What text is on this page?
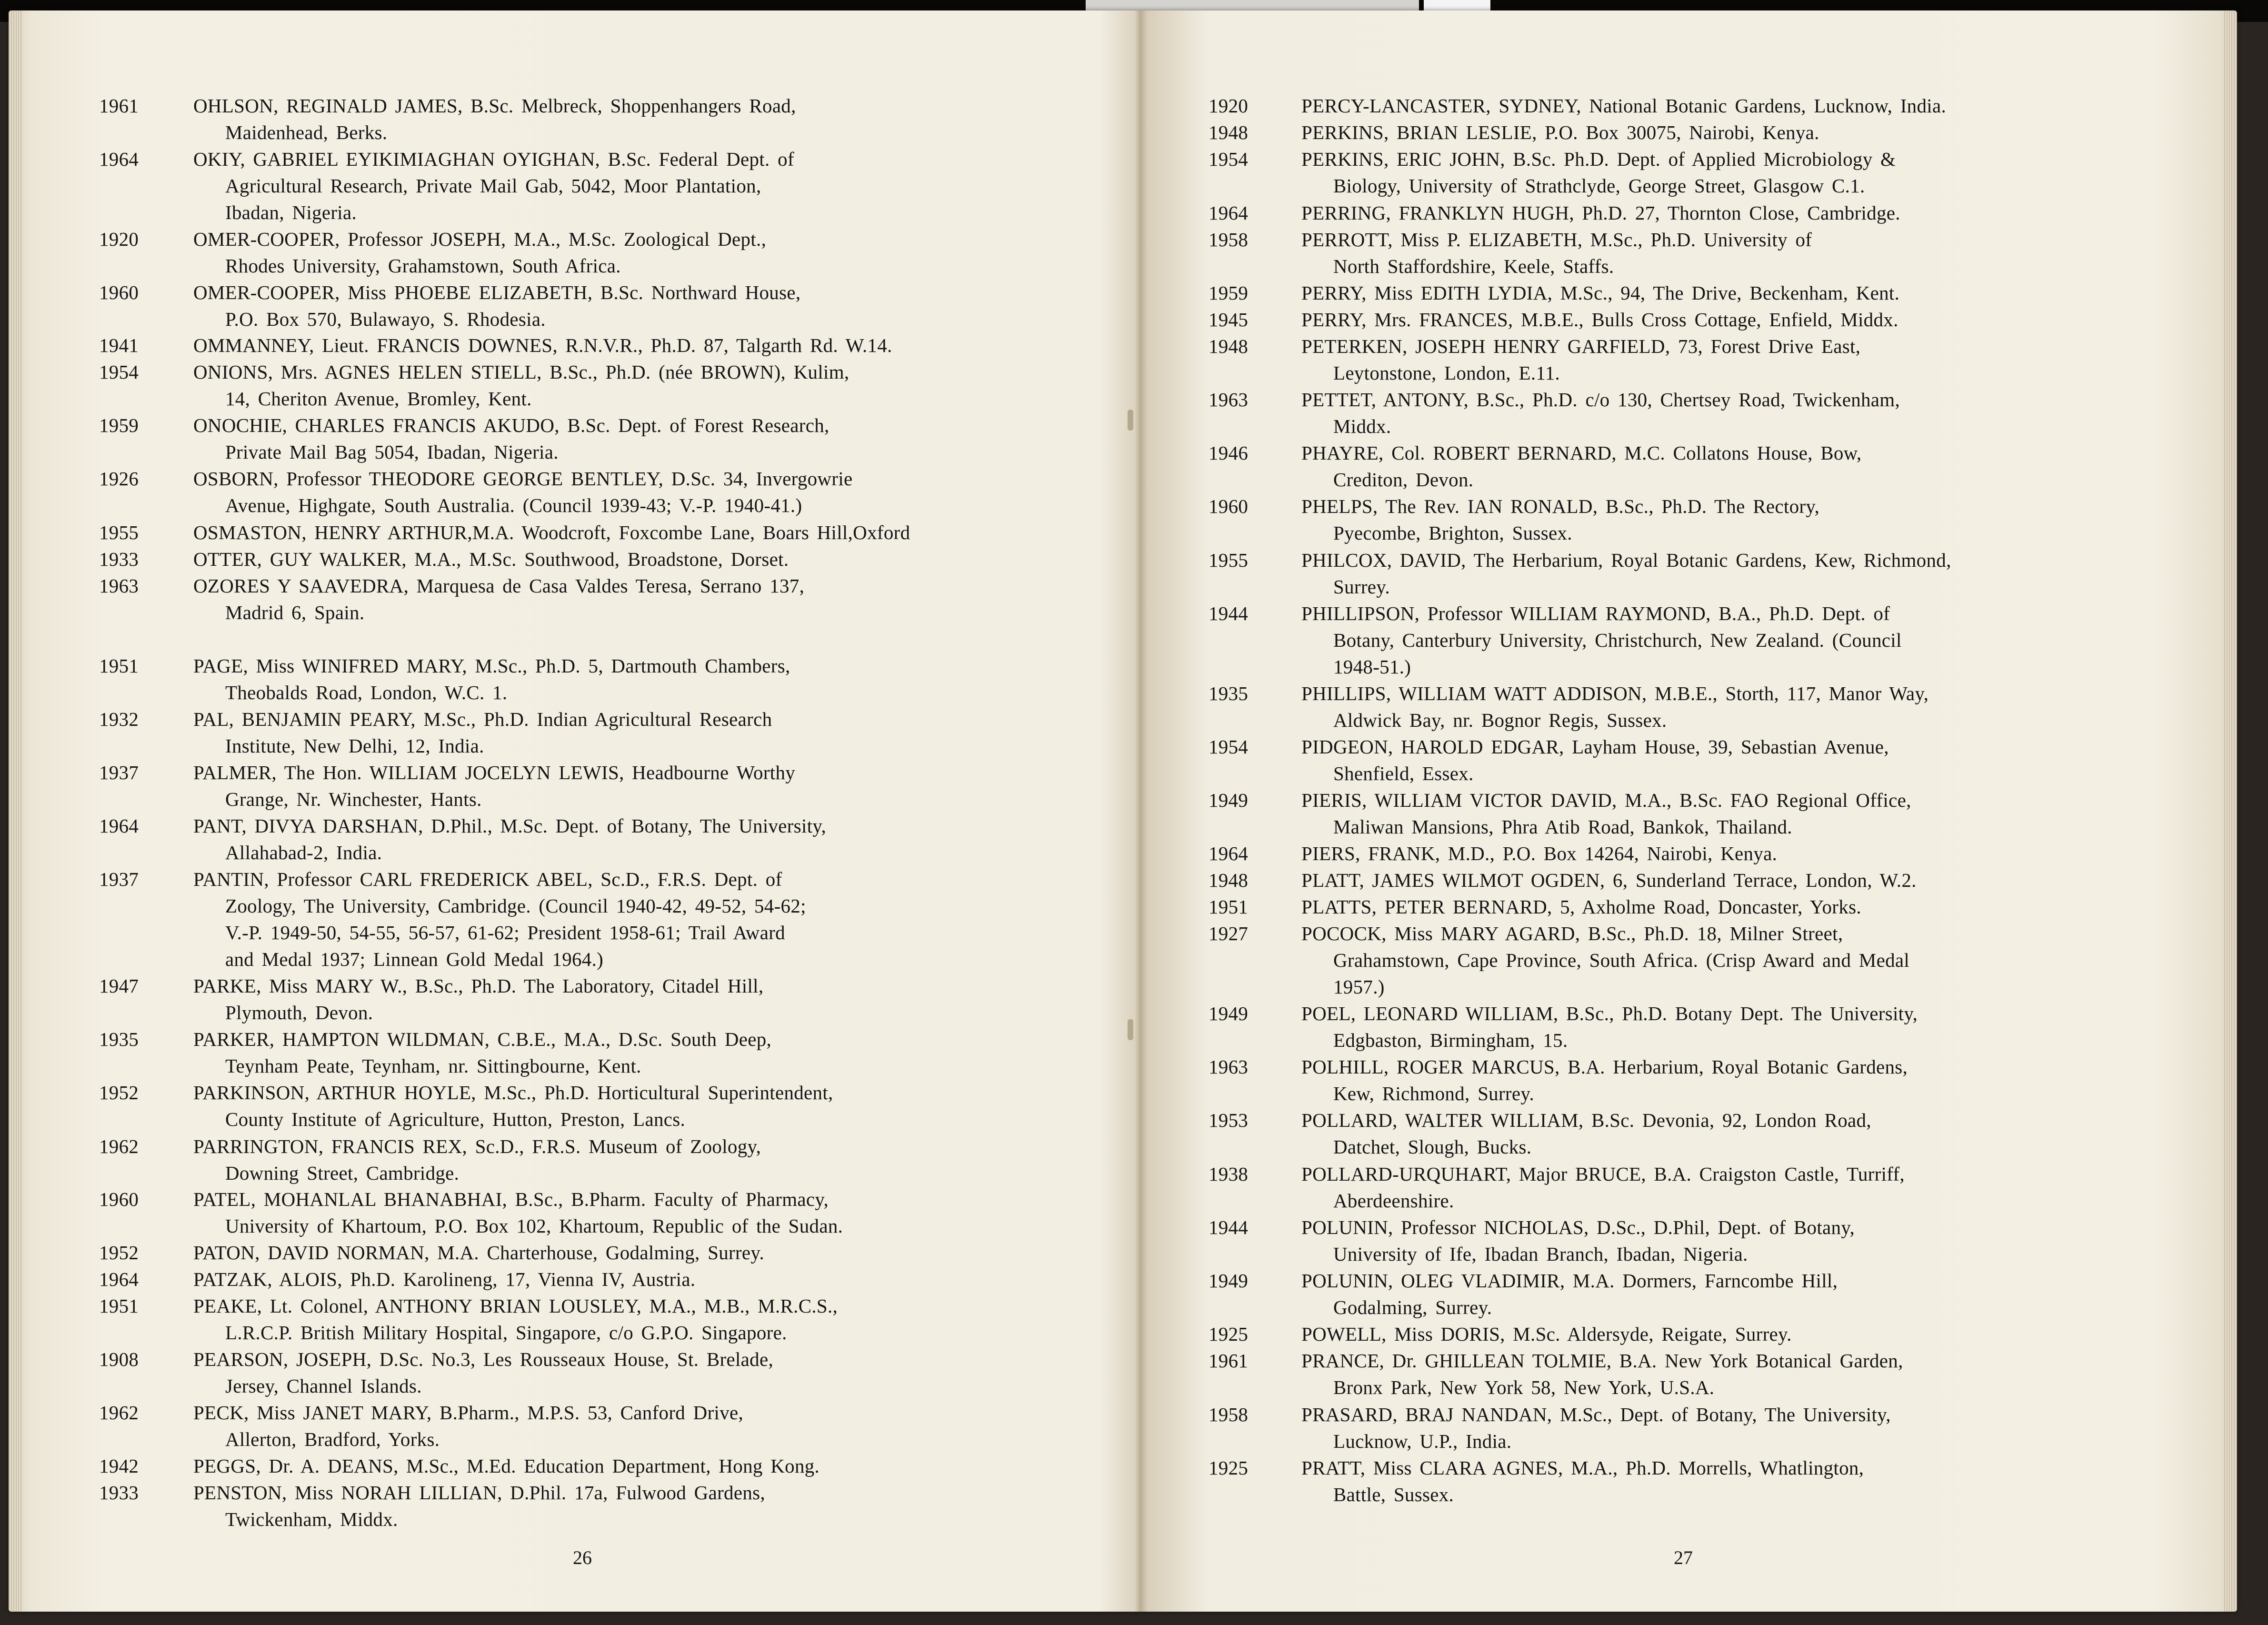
26
1961	OHLSON, REGINALD JAMES, B.Sc. Melbreck, Shoppenhangers Road,
Maidenhead, Berks.
1964	OKIY, GABRIEL EYIKIMIAGHAN OYIGHAN, B.Sc. Federal Dept. of
Agricultural Research, Private Mail Gab, 5042, Moor Plantation,
Ibadan, Nigeria.
1920	OMER-COOPER, Professor JOSEPH, M.A., M.Sc. Zoological Dept.,
Rhodes University, Grahamstown, South Africa.
1960	OMER-COOPER, Miss PHOEBE ELIZABETH, B.Sc. Northward House,
P.O. Box 570, Bulawayo, S. Rhodesia.
1941	OMMANNEY, Lieut. FRANCIS DOWNES, R.N.V.R., Ph.D. 87, Talgarth Rd. W.14.
1954	ONIONS, Mrs. AGNES HELEN STIELL, B.Sc., Ph.D. (née BROWN), Kulim,
14, Cheriton Avenue, Bromley, Kent.
1959	ONOCHIE, CHARLES FRANCIS AKUDO, B.Sc. Dept. of Forest Research,
Private Mail Bag 5054, Ibadan, Nigeria.
1926	OSBORN, Professor THEODORE GEORGE BENTLEY, D.Sc. 34, Invergowrie
Avenue, Highgate, South Australia. (Council 1939-43; V.-P. 1940-41.)
1955	OSMASTON, HENRY ARTHUR,M.A. Woodcroft, Foxcombe Lane, Boars Hill,Oxford
1933	OTTER, GUY WALKER, M.A., M.Sc. Southwood, Broadstone, Dorset.
1963	OZORES Y SAAVEDRA, Marquesa de Casa Valdes Teresa, Serrano 137,
Madrid 6, Spain.
1951	PAGE, Miss WINIFRED MARY, M.Sc., Ph.D. 5, Dartmouth Chambers,
Theobalds Road, London, W.C. 1.
1932	PAL, BENJAMIN PEARY, M.Sc., Ph.D. Indian Agricultural Research
Institute, New Delhi, 12, India.
1937	PALMER, The Hon. WILLIAM JOCELYN LEWIS, Headbourne Worthy
Grange, Nr. Winchester, Hants.
1964	PANT, DIVYA DARSHAN, D.Phil., M.Sc. Dept. of Botany, The University,
Allahabad-2, India.
1937	PANTIN, Professor CARL FREDERICK ABEL, Sc.D., F.R.S. Dept. of
Zoology, The University, Cambridge. (Council 1940-42, 49-52, 54-62;
V.-P. 1949-50, 54-55, 56-57, 61-62; President 1958-61; Trail Award
and Medal 1937; Linnean Gold Medal 1964.)
1947	PARKE, Miss MARY W., B.Sc., Ph.D. The Laboratory, Citadel Hill,
Plymouth, Devon.
1935	PARKER, HAMPTON WILDMAN, C.B.E., M.A., D.Sc. South Deep,
Teynham Peate, Teynham, nr. Sittingbourne, Kent.
1952	PARKINSON, ARTHUR HOYLE, M.Sc., Ph.D. Horticultural Superintendent,
County Institute of Agriculture, Hutton, Preston, Lancs.
1962	PARRINGTON, FRANCIS REX, Sc.D., F.R.S. Museum of Zoology,
Downing Street, Cambridge.
1960	PATEL, MOHANLAL BHANABHAI, B.Sc., B.Pharm. Faculty of Pharmacy,
University of Khartoum, P.O. Box 102, Khartoum, Republic of the Sudan.
1952	PATON, DAVID NORMAN, M.A. Charterhouse, Godalming, Surrey.
1964	PATZAK, ALOIS, Ph.D. Karolineng, 17, Vienna IV, Austria.
1951	PEAKE, Lt. Colonel, ANTHONY BRIAN LOUSLEY, M.A., M.B., M.R.C.S.,
L.R.C.P. British Military Hospital, Singapore, c/o G.P.O. Singapore.
1908	PEARSON, JOSEPH, D.Sc. No.3, Les Rousseaux House, St. Brelade,
Jersey, Channel Islands.
1962	PECK, Miss JANET MARY, B.Pharm., M.P.S. 53, Canford Drive,
Allerton, Bradford, Yorks.
1942	PEGGS, Dr. A. DEANS, M.Sc., M.Ed. Education Department, Hong Kong.
1933	PENSTON, Miss NORAH LILLIAN, D.Phil. 17a, Fulwood Gardens,
Twickenham, Middx.
27
1920	PERCY-LANCASTER, SYDNEY, National Botanic Gardens, Lucknow, India.
1948	PERKINS, BRIAN LESLIE, P.O. Box 30075, Nairobi, Kenya.
1954	PERKINS, ERIC JOHN, B.Sc. Ph.D. Dept. of Applied Microbiology &
Biology, University of Strathclyde, George Street, Glasgow C.1.
1964	PERRING, FRANKLYN HUGH, Ph.D. 27, Thornton Close, Cambridge.
1958	PERROTT, Miss P. ELIZABETH, M.Sc., Ph.D. University of
North Staffordshire, Keele, Staffs.
1959	PERRY, Miss EDITH LYDIA, M.Sc., 94, The Drive, Beckenham, Kent.
1945	PERRY, Mrs. FRANCES, M.B.E., Bulls Cross Cottage, Enfield, Middx.
1948	PETERKEN, JOSEPH HENRY GARFIELD, 73, Forest Drive East,
Leytonstone, London, E.11.
1963	PETTET, ANTONY, B.Sc., Ph.D. c/o 130, Chertsey Road, Twickenham,
Middx.
1946	PHAYRE, Col. ROBERT BERNARD, M.C. Collatons House, Bow,
Crediton, Devon.
1960	PHELPS, The Rev. IAN RONALD, B.Sc., Ph.D. The Rectory,
Pyecombe, Brighton, Sussex.
1955	PHILCOX, DAVID, The Herbarium, Royal Botanic Gardens, Kew, Richmond,
Surrey.
1944	PHILLIPSON, Professor WILLIAM RAYMOND, B.A., Ph.D. Dept. of
Botany, Canterbury University, Christchurch, New Zealand. (Council
1948-51.)
1935	PHILLIPS, WILLIAM WATT ADDISON, M.B.E., Storth, 117, Manor Way,
Aldwick Bay, nr. Bognor Regis, Sussex.
1954	PIDGEON, HAROLD EDGAR, Layham House, 39, Sebastian Avenue,
Shenfield, Essex.
1949	PIERIS, WILLIAM VICTOR DAVID, M.A., B.Sc. FAO Regional Office,
Maliwan Mansions, Phra Atib Road, Bankok, Thailand.
1964	PIERS, FRANK, M.D., P.O. Box 14264, Nairobi, Kenya.
1948	PLATT, JAMES WILMOT OGDEN, 6, Sunderland Terrace, London, W.2.
1951	PLATTS, PETER BERNARD, 5, Axholme Road, Doncaster, Yorks.
1927	POCOCK, Miss MARY AGARD, B.Sc., Ph.D. 18, Milner Street,
Grahamstown, Cape Province, South Africa. (Crisp Award and Medal
1957.)
1949	POEL, LEONARD WILLIAM, B.Sc., Ph.D. Botany Dept. The University,
Edgbaston, Birmingham, 15.
1963	POLHILL, ROGER MARCUS, B.A. Herbarium, Royal Botanic Gardens,
Kew, Richmond, Surrey.
1953	POLLARD, WALTER WILLIAM, B.Sc. Devonia, 92, London Road,
Datchet, Slough, Bucks.
1938	POLLARD-URQUHART, Major BRUCE, B.A. Craigston Castle, Turriff,
Aberdeenshire.
1944	POLUNIN, Professor NICHOLAS, D.Sc., D.Phil, Dept. of Botany,
University of Ife, Ibadan Branch, Ibadan, Nigeria.
1949	POLUNIN, OLEG VLADIMIR, M.A. Dormers, Farncombe Hill,
Godalming, Surrey.
1925	POWELL, Miss DORIS, M.Sc. Aldersyde, Reigate, Surrey.
1961	PRANCE, Dr. GHILLEAN TOLMIE, B.A. New York Botanical Garden,
Bronx Park, New York 58, New York, U.S.A.
1958	PRASARD, BRAJ NANDAN, M.Sc., Dept. of Botany, The University,
Lucknow, U.P., India.
1925	PRATT, Miss CLARA AGNES, M.A., Ph.D. Morrells, Whatlington,
Battle, Sussex.
